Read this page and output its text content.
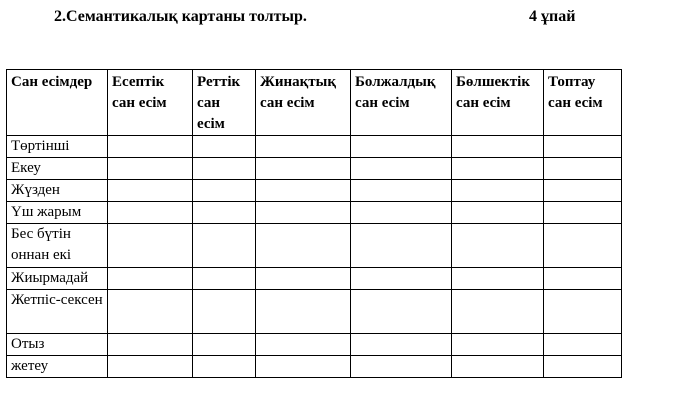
2.Семантикалық картаны толтыр.	4 ұпай
Сан есімдер	Есептік сан есім	Реттік сан есім	Жинақтық сан есім	Болжалдық сан есім	Бөлшектік сан есім	Топтау сан есім
Төртінші						
Екеу						
Жүзден						
Үш жарым						
Бес бүтін оннан екі						
Жиырмадай						
Жетпіс-сексен						
Отыз						
жетеу						
